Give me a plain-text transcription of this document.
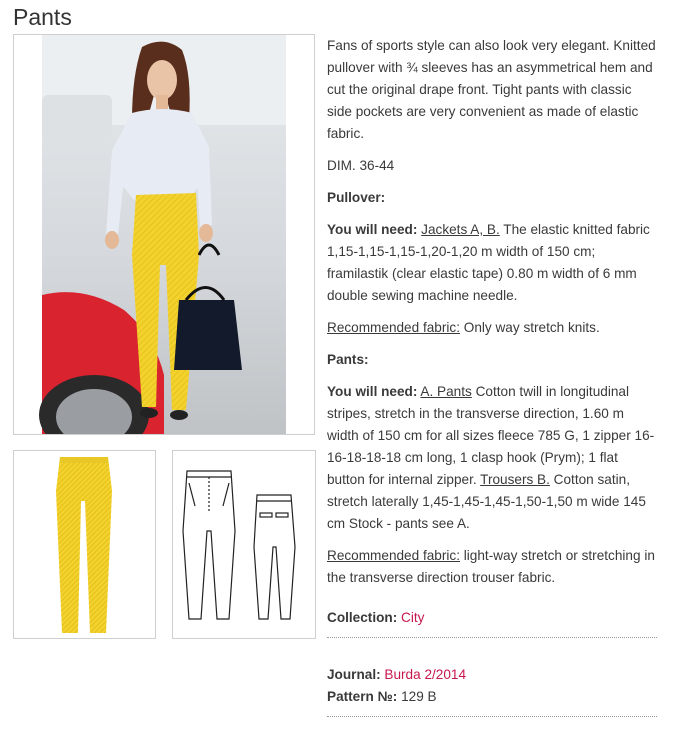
Pants

Fans of sports style can also look very elegant. Knitted pullover with ¾ sleeves has an asymmetrical hem and cut the original drape front. Tight pants with classic side pockets are very convenient as made of elastic fabric.

DIM. 36-44

Pullover:

You will need: Jackets A, B. The elastic knitted fabric 1,15-1,15-1,15-1,20-1,20 m width of 150 cm; framilastik (clear elastic tape) 0.80 m width of 6 mm double sewing machine needle.

Recommended fabric: Only way stretch knits.

Pants:

You will need: A. Pants Cotton twill in longitudinal stripes, stretch in the transverse direction, 1.60 m width of 150 cm for all sizes fleece 785 G, 1 zipper 16-16-18-18-18 cm long, 1 clasp hook (Prym); 1 flat button for internal zipper. Trousers B. Cotton satin, stretch laterally 1,45-1,45-1,45-1,50-1,50 m wide 145 cm Stock - pants see A.

Recommended fabric: light-way stretch or stretching in the transverse direction trouser fabric.

Collection: City

Journal: Burda 2/2014

Pattern №: 129 B
